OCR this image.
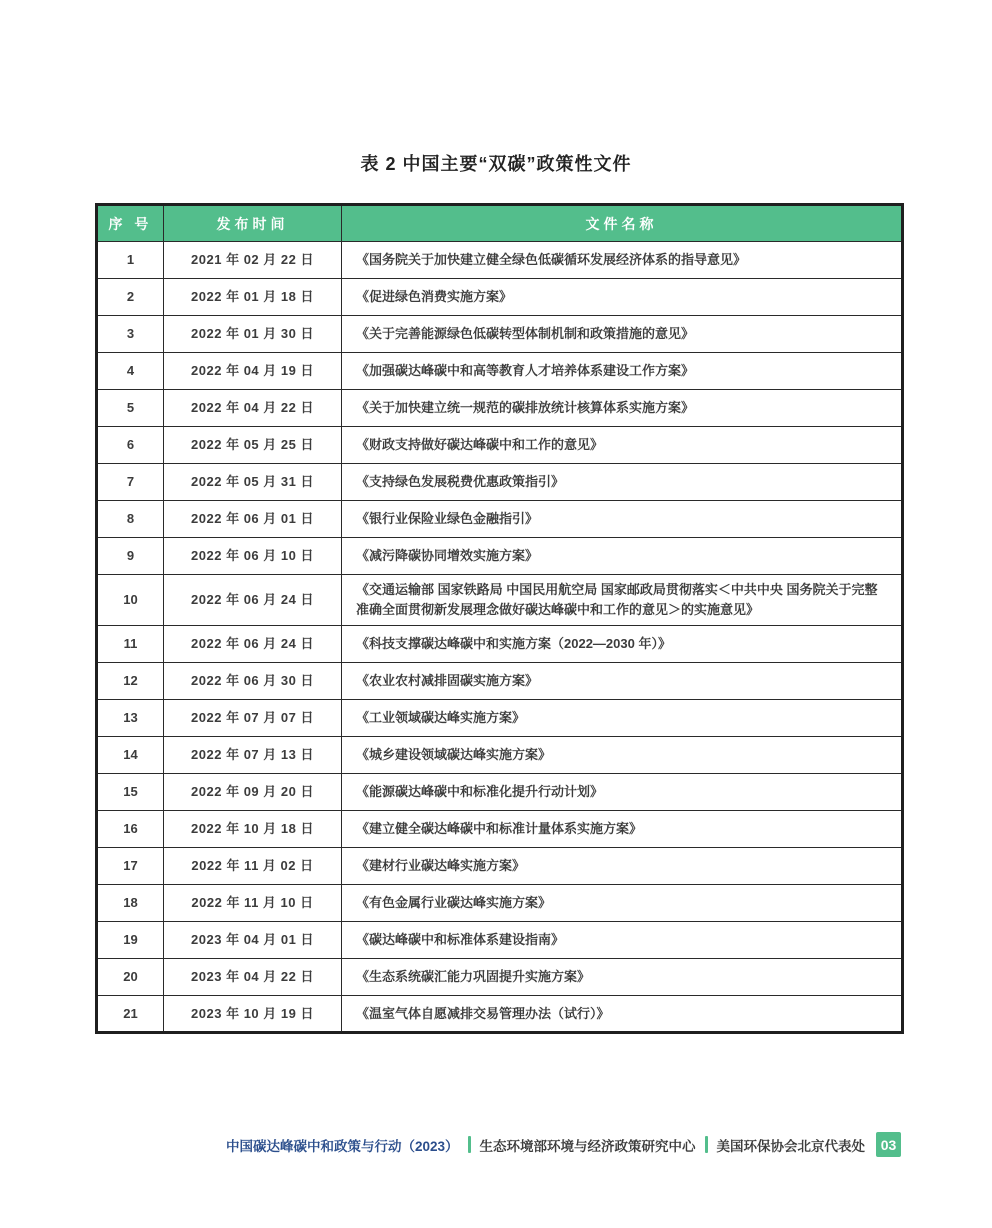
表 2 中国主要“双碳”政策性文件
序 号	发布时间	文件名称
1	2021 年 02 月 22 日	《国务院关于加快建立健全绿色低碳循环发展经济体系的指导意见》
2	2022 年 01 月 18 日	《促进绿色消费实施方案》
3	2022 年 01 月 30 日	《关于完善能源绿色低碳转型体制机制和政策措施的意见》
4	2022 年 04 月 19 日	《加强碳达峰碳中和高等教育人才培养体系建设工作方案》
5	2022 年 04 月 22 日	《关于加快建立统一规范的碳排放统计核算体系实施方案》
6	2022 年 05 月 25 日	《财政支持做好碳达峰碳中和工作的意见》
7	2022 年 05 月 31 日	《支持绿色发展税费优惠政策指引》
8	2022 年 06 月 01 日	《银行业保险业绿色金融指引》
9	2022 年 06 月 10 日	《减污降碳协同增效实施方案》
10	2022 年 06 月 24 日	《交通运输部 国家铁路局 中国民用航空局 国家邮政局贯彻落实＜中共中央 国务院关于完整准确全面贯彻新发展理念做好碳达峰碳中和工作的意见＞的实施意见》
11	2022 年 06 月 24 日	《科技支撑碳达峰碳中和实施方案（2022—2030 年）》
12	2022 年 06 月 30 日	《农业农村减排固碳实施方案》
13	2022 年 07 月 07 日	《工业领域碳达峰实施方案》
14	2022 年 07 月 13 日	《城乡建设领域碳达峰实施方案》
15	2022 年 09 月 20 日	《能源碳达峰碳中和标准化提升行动计划》
16	2022 年 10 月 18 日	《建立健全碳达峰碳中和标准计量体系实施方案》
17	2022 年 11 月 02 日	《建材行业碳达峰实施方案》
18	2022 年 11 月 10 日	《有色金属行业碳达峰实施方案》
19	2023 年 04 月 01 日	《碳达峰碳中和标准体系建设指南》
20	2023 年 04 月 22 日	《生态系统碳汇能力巩固提升实施方案》
21	2023 年 10 月 19 日	《温室气体自愿减排交易管理办法（试行）》
中国碳达峰碳中和政策与行动（2023） 生态环境部环境与经济政策研究中心 美国环保协会北京代表处	03
